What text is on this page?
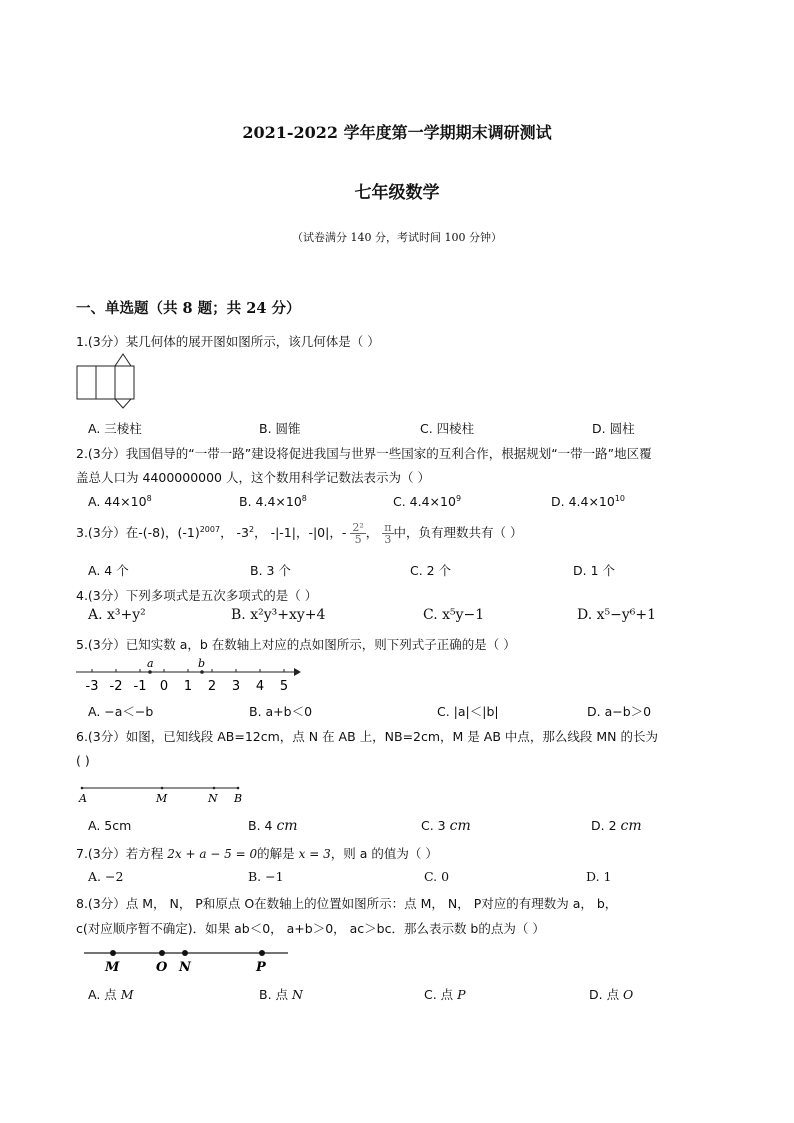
2021-2022 学年度第一学期期末调研测试
七年级数学
（试卷满分 140 分，考试时间 100 分钟）
一、单选题（共 8 题；共 24 分）
1.(3分）某几何体的展开图如图所示，该几何体是（ ）
A. 三棱柱	B. 圆锥	C. 四棱柱	D. 圆柱
2.(3分）我国倡导的“一带一路”建设将促进我国与世界一些国家的互利合作，根据规划“一带一路”地区覆
盖总人口为 4400000000 人，这个数用科学记数法表示为（ ）
A. $44\times 10^8$	B. $4.4\times 10^8$	C. $4.4\times 10^9$	D. $4.4\times 10^{10}$
3.(3分）在-(-8)，$(-1)^{2007}$， $-3^2$， -|-1|，-|0|，- $\frac{\text{2²}}{5}$ ， $\frac{\pi}{3}$ 中，负有理数共有（ ）
A. 4 个	B. 3 个	C. 2 个	D. 1 个
4.(3分）下列多项式是五次多项式的是（ ）
A. x³+y²	B. x²y³+xy+4	C. x⁵y−1	D. x⁵−y⁶+1
5.(3分）已知实数 a，b 在数轴上对应的点如图所示，则下列式子正确的是（ ）
a	b
-3 -2 -1 0 1 2 3 4 5
A. −a＜−b	B. a+b＜0	C. |a|＜|b|	D. a−b＞0
6.(3分）如图，已知线段 AB=12cm，点 N 在 AB 上，NB=2cm，M 是 AB 中点，那么线段 MN 的长为
( )
A	M	N B
A. 5cm	B. 4 cm	C. 3 cm	D. 2 cm
7.(3分）若方程 2x + a − 5 = 0的解是 x = 3，则 a 的值为（ ）
A. −2	B. −1	C. 0	D. 1
8.(3分）点 M， N， P和原点 O在数轴上的位置如图所示：点 M， N， P对应的有理数为 a， b，
c(对应顺序暂不确定)．如果 ab＜0， a+b＞0， ac＞bc．那么表示数 b的点为（ ）
M	O N	P
A. 点 M	B. 点 N	C. 点 P	D. 点 O
